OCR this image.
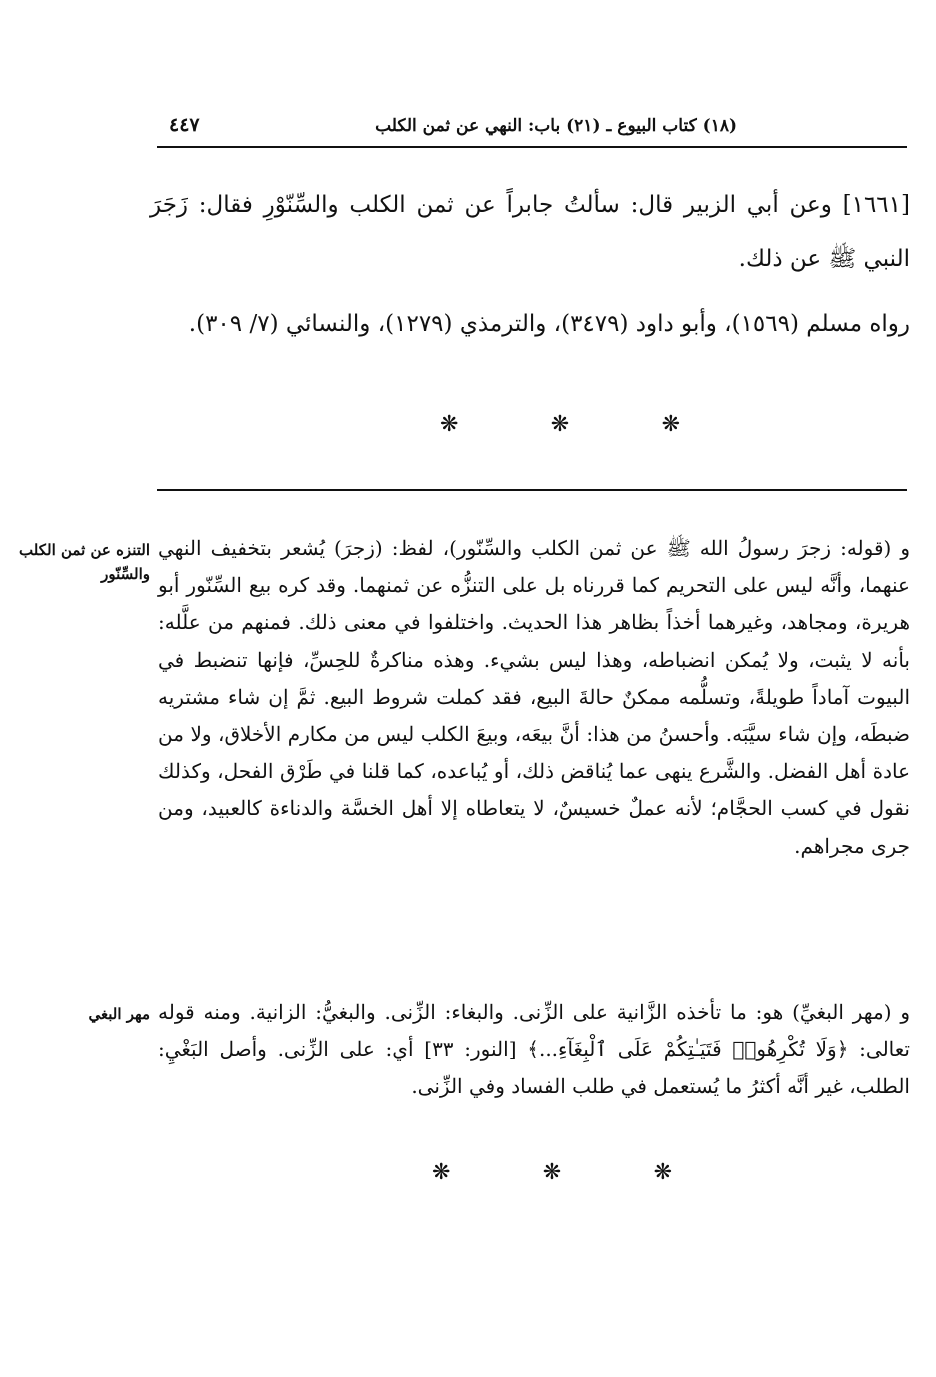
(١٨) كتاب البيوع ـ (٢١) باب: النهي عن ثمن الكلب
٤٤٧
[١٦٦١] وعن أبي الزبير قال: سألتُ جابراً عن ثمن الكلب والسِّنّوْرِ فقال: زَجَرَ النبي ﷺ عن ذلك.
رواه مسلم (١٥٦٩)، وأبو داود (٣٤٧٩)، والترمذي (١٢٧٩)، والنسائي (٧/ ٣٠٩).
❋	❋	❋
التنزه عن ثمن الكلب والسِّنّور
و (قوله: زجرَ رسولُ الله ﷺ عن ثمن الكلب والسِّنّور)، لفظ: (زجرَ) يُشعر بتخفيف النهي عنهما، وأنَّه ليس على التحريم كما قررناه بل على التنزُّه عن ثمنهما. وقد كره بيع السِّنّور أبو هريرة، ومجاهد، وغيرهما أخذاً بظاهر هذا الحديث. واختلفوا في معنى ذلك. فمنهم من علَّله: بأنه لا يثبت، ولا يُمكن انضباطه، وهذا ليس بشيء. وهذه مناكرةٌ للحِسِّ، فإنها تنضبط في البيوت آماداً طويلةً، وتسلُّمه ممكنٌ حالةَ البيع، فقد كملت شروط البيع. ثمَّ إن شاء مشتريه ضبطَه، وإن شاء سيَّبَه. وأحسنُ من هذا: أنَّ بيعَه، وبيعَ الكلب ليس من مكارم الأخلاق، ولا من عادة أهل الفضل. والشَّرع ينهى عما يُناقض ذلك، أو يُباعده، كما قلنا في طَرْق الفحل، وكذلك نقول في كسب الحجَّام؛ لأنه عملٌ خسيسٌ، لا يتعاطاه إلا أهل الخسَّة والدناءة كالعبيد، ومن جرى مجراهم.
مهر البغي و (مهر البغيِّ) هو: ما تأخذه الزَّانية على الزِّنى. والبغاء: الزِّنى. والبغيُّ: الزانية. ومنه قوله تعالى: ﴿وَلَا تُكْرِهُوا۟ فَتَيَـٰتِكُمْ عَلَى ٱلْبِغَآءِ...﴾ [النور: ٣٣] أي: على الزِّنى. وأصل البَغْيِ: الطلب، غير أنَّه أكثرُ ما يُستعمل في طلب الفساد وفي الزِّنى.
❋	❋	❋
